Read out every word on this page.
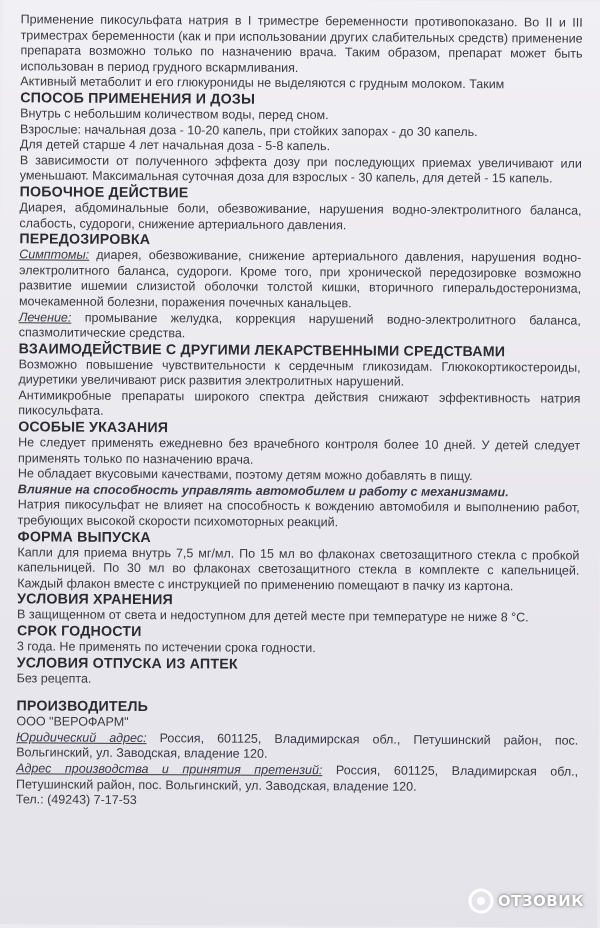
Применение пикосульфата натрия в I триместре беременности противопоказано. Во II и III триместрах беременности (как и при использовании других слабительных средств) применение препарата возможно только по назначению врача. Таким образом, препарат может быть использован в период грудного вскармливания.

Активный метаболит и его глюкурониды не выделяются с грудным молоком. Таким

СПОСОБ ПРИМЕНЕНИЯ И ДОЗЫ

Внутрь с небольшим количеством воды, перед сном.

Взрослые: начальная доза - 10-20 капель, при стойких запорах - до 30 капель.

Для детей старше 4 лет начальная доза - 5-8 капель.

В зависимости от полученного эффекта дозу при последующих приемах увеличивают или уменьшают. Максимальная суточная доза для взрослых - 30 капель, для детей - 15 капель.

ПОБОЧНОЕ ДЕЙСТВИЕ

Диарея, абдоминальные боли, обезвоживание, нарушения водно-электролитного баланса, слабость, судороги, снижение артериального давления.

ПЕРЕДОЗИРОВКА

Симптомы: диарея, обезвоживание, снижение артериального давления, нарушения водно-электролитного баланса, судороги. Кроме того, при хронической передозировке возможно развитие ишемии слизистой оболочки толстой кишки, вторичного гиперальдостеронизма, мочекаменной болезни, поражения почечных канальцев.

Лечение: промывание желудка, коррекция нарушений водно-электролитного баланса, спазмолитические средства.

ВЗАИМОДЕЙСТВИЕ С ДРУГИМИ ЛЕКАРСТВЕННЫМИ СРЕДСТВАМИ

Возможно повышение чувствительности к сердечным гликозидам. Глюкокортикостероиды, диуретики увеличивают риск развития электролитных нарушений.

Антимикробные препараты широкого спектра действия снижают эффективность натрия пикосульфата.

ОСОБЫЕ УКАЗАНИЯ

Не следует применять ежедневно без врачебного контроля более 10 дней. У детей следует применять только по назначению врача.

Не обладает вкусовыми качествами, поэтому детям можно добавлять в пищу.

Влияние на способность управлять автомобилем и работу с механизмами.

Натрия пикосульфат не влияет на способность к вождению автомобиля и выполнению работ, требующих высокой скорости психомоторных реакций.

ФОРМА ВЫПУСКА

Капли для приема внутрь 7,5 мг/мл. По 15 мл во флаконах светозащитного стекла с пробкой капельницей. По 30 мл во флаконах светозащитного стекла в комплекте с капельницей. Каждый флакон вместе с инструкцией по применению помещают в пачку из картона.

УСЛОВИЯ ХРАНЕНИЯ

В защищенном от света и недоступном для детей месте при температуре не ниже 8 °С.

СРОК ГОДНОСТИ

3 года. Не применять по истечении срока годности.

УСЛОВИЯ ОТПУСКА ИЗ АПТЕК

Без рецепта.

ПРОИЗВОДИТЕЛЬ

ООО "ВЕРОФАРМ"

Юридический адрес: Россия, 601125, Владимирская обл., Петушинский район, пос. Вольгинский, ул. Заводская, владение 120.

Адрес производства и принятия претензий: Россия, 601125, Владимирская обл., Петушинский район, пос. Вольгинский, ул. Заводская, владение 120.

Тел.: (49243) 7-17-53

ОТЗОВИК
